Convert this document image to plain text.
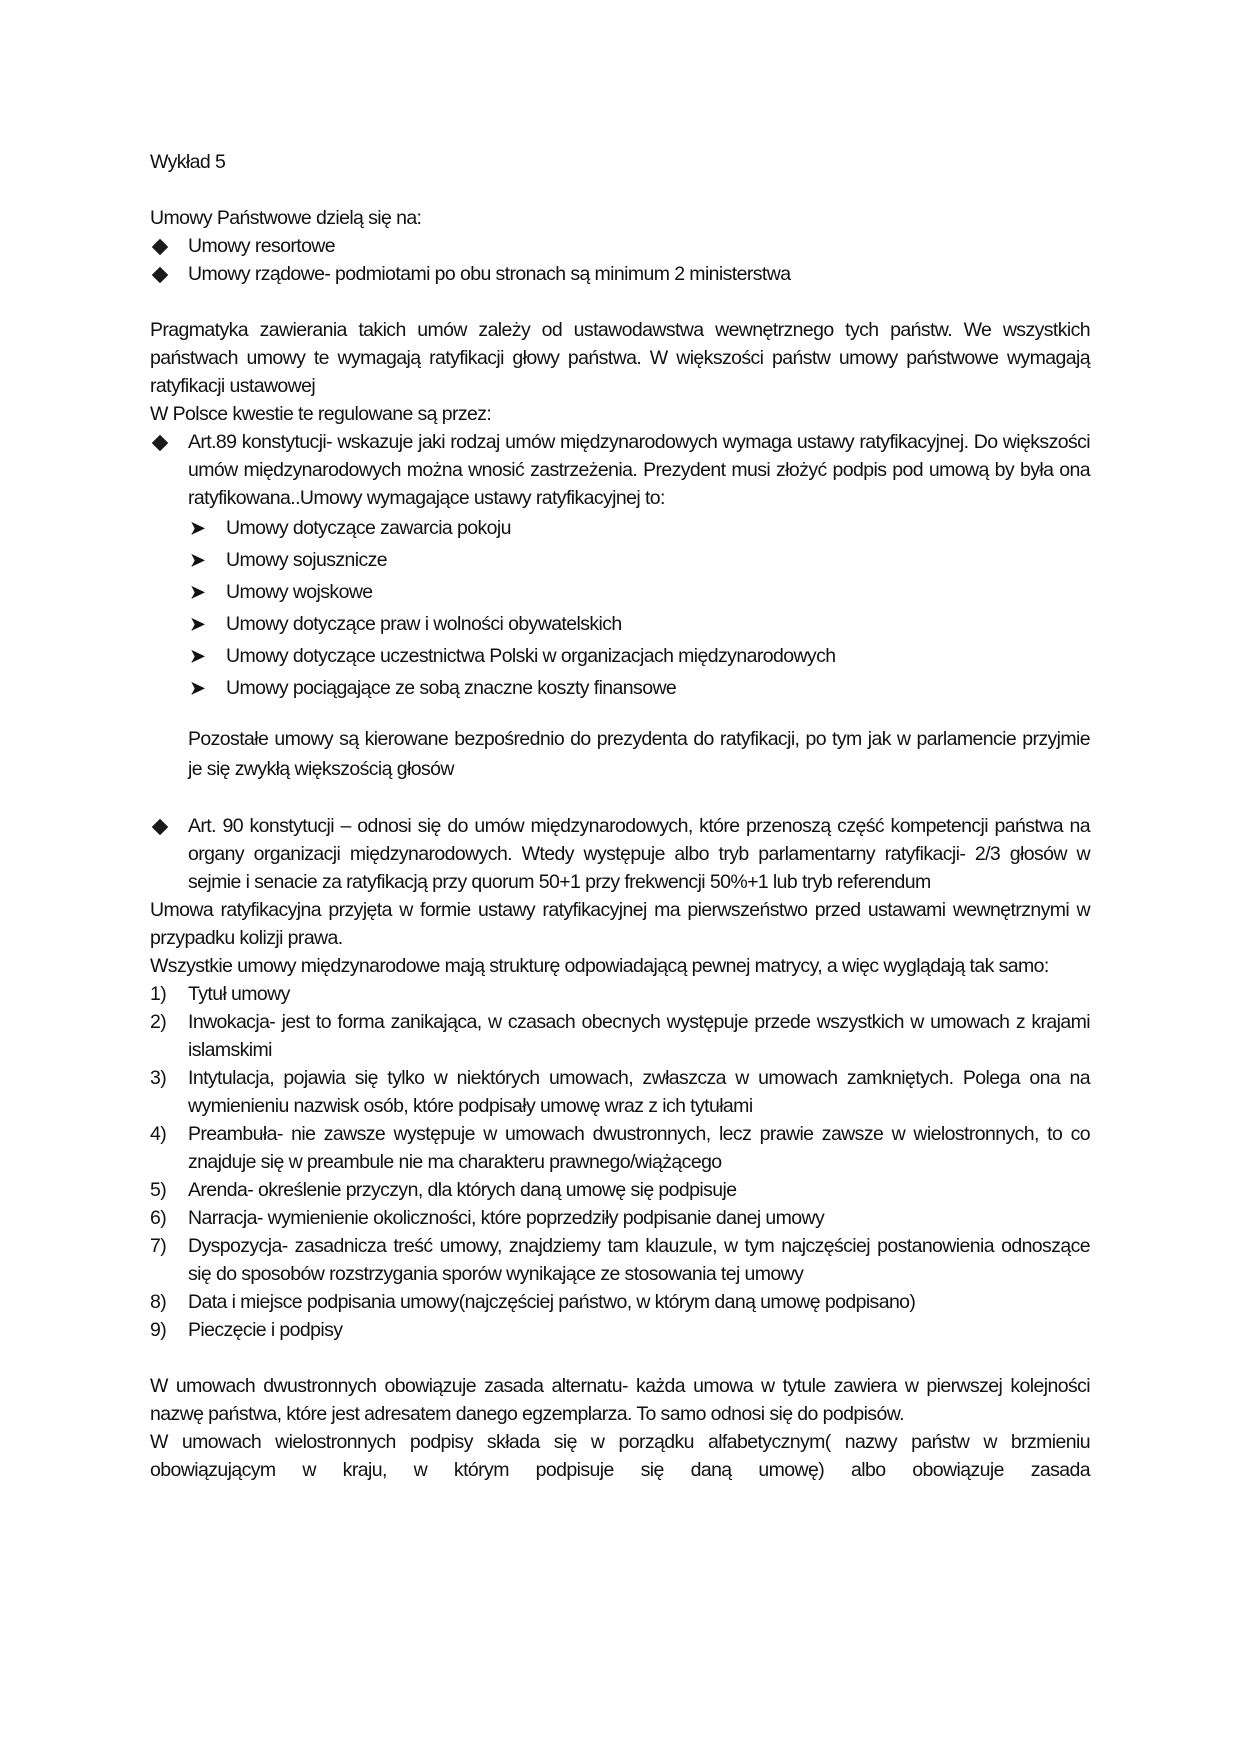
Wykład 5

Umowy Państwowe dzielą się na:

Umowy resortowe
Umowy rządowe- podmiotami po obu stronach są minimum 2 ministerstwa

Pragmatyka zawierania takich umów zależy od ustawodawstwa wewnętrznego tych państw. We wszystkich państwach umowy te wymagają ratyfikacji głowy państwa. W większości państw umowy państwowe wymagają ratyfikacji ustawowej

W Polsce kwestie te regulowane są przez:

Art.89 konstytucji- wskazuje jaki rodzaj umów międzynarodowych wymaga ustawy ratyfikacyjnej. Do większości umów międzynarodowych można wnosić zastrzeżenia. Prezydent musi złożyć podpis pod umową by była ona ratyfikowana..Umowy wymagające ustawy ratyfikacyjnej to:

➤ Umowy dotyczące zawarcia pokoju
➤ Umowy sojusznicze
➤ Umowy wojskowe
➤ Umowy dotyczące praw i wolności obywatelskich
➤ Umowy dotyczące uczestnictwa Polski w organizacjach międzynarodowych
➤ Umowy pociągające ze sobą znaczne koszty finansowe

Pozostałe umowy są kierowane bezpośrednio do prezydenta do ratyfikacji, po tym jak w parlamencie przyjmie je się zwykłą większością głosów

Art. 90 konstytucji – odnosi się do umów międzynarodowych, które przenoszą część kompetencji państwa na organy organizacji międzynarodowych. Wtedy występuje albo tryb parlamentarny ratyfikacji- 2/3 głosów w sejmie i senacie za ratyfikacją przy quorum 50+1 przy frekwencji 50%+1 lub tryb referendum

Umowa ratyfikacyjna przyjęta w formie ustawy ratyfikacyjnej ma pierwszeństwo przed ustawami wewnętrznymi w przypadku kolizji prawa.

Wszystkie umowy międzynarodowe mają strukturę odpowiadającą pewnej matrycy, a więc wyglądają tak samo:

1) Tytuł umowy

2) Inwokacja- jest to forma zanikająca, w czasach obecnych występuje przede wszystkich w umowach z krajami islamskimi

3) Intytulacja, pojawia się tylko w niektórych umowach, zwłaszcza w umowach zamkniętych. Polega ona na wymienieniu nazwisk osób, które podpisały umowę wraz z ich tytułami

4) Preambuła- nie zawsze występuje w umowach dwustronnych, lecz prawie zawsze w wielostronnych, to co znajduje się w preambule nie ma charakteru prawnego/wiążącego

5) Arenda- określenie przyczyn, dla których daną umowę się podpisuje

6) Narracja- wymienienie okoliczności, które poprzedziły podpisanie danej umowy

7) Dyspozycja- zasadnicza treść umowy, znajdziemy tam klauzule, w tym najczęściej postanowienia odnoszące się do sposobów rozstrzygania sporów wynikające ze stosowania tej umowy

8) Data i miejsce podpisania umowy(najczęściej państwo, w którym daną umowę podpisano)

9) Pieczęcie i podpisy

W umowach dwustronnych obowiązuje zasada alternatu- każda umowa w tytule zawiera w pierwszej kolejności nazwę państwa, które jest adresatem danego egzemplarza. To samo odnosi się do podpisów.

W umowach wielostronnych podpisy składa się w porządku alfabetycznym( nazwy państw w brzmieniu obowiązującym w kraju, w którym podpisuje się daną umowę) albo obowiązuje zasada
